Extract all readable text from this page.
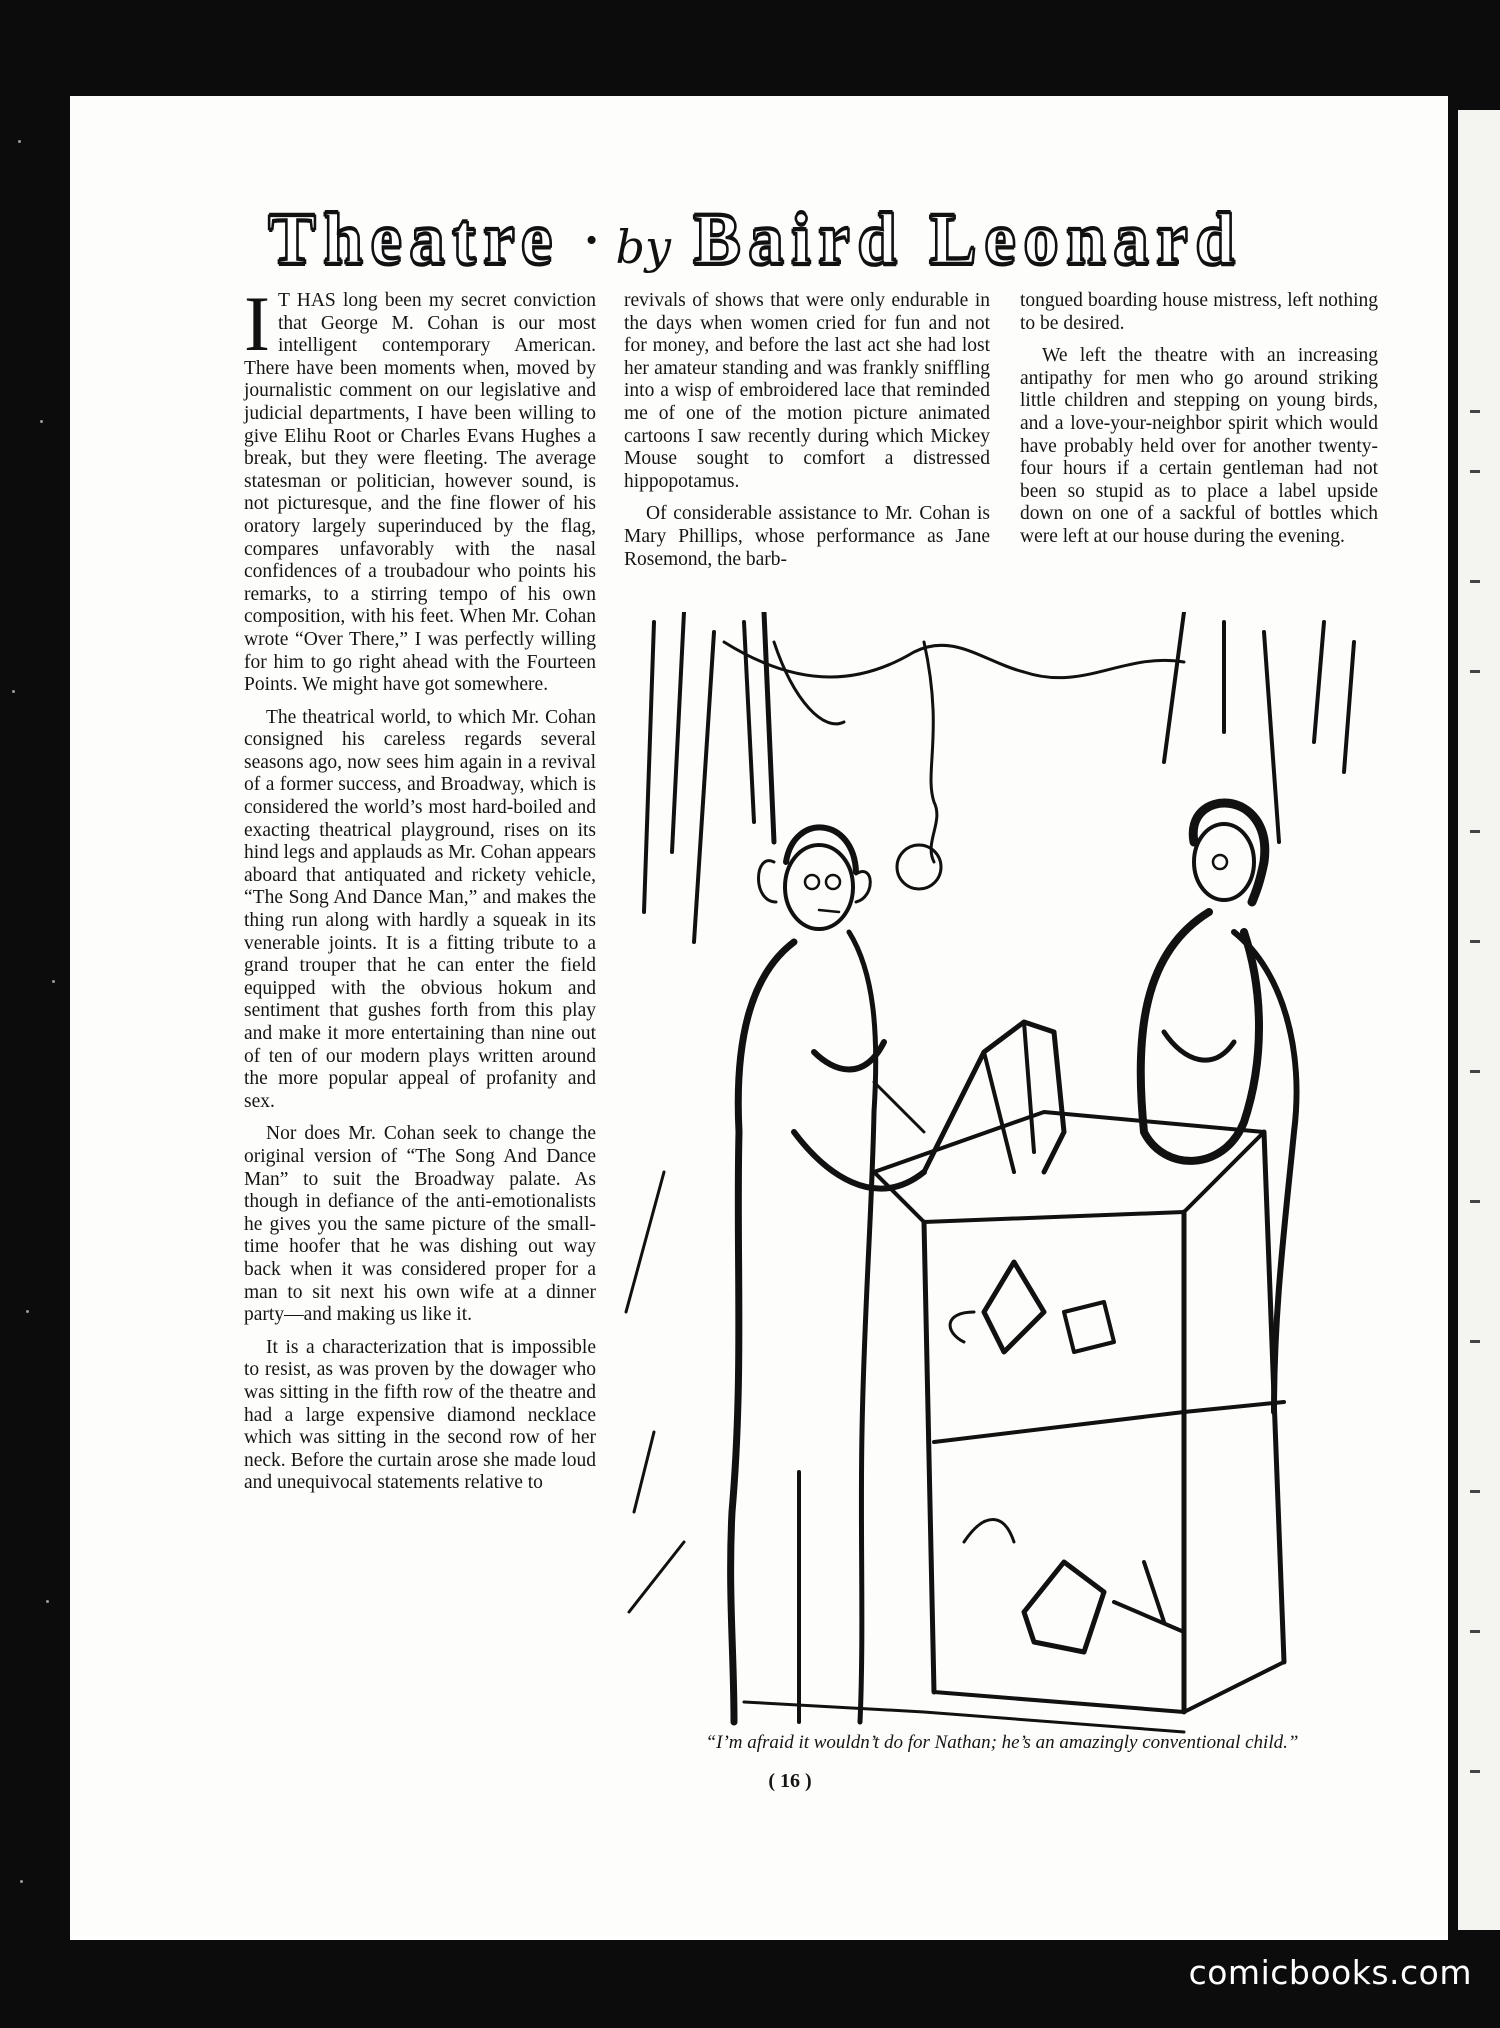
Theatre • by Baird Leonard

I T HAS long been my secret conviction that George M. Cohan is our most intelligent contemporary American. There have been moments when, moved by journalistic comment on our legislative and judicial departments, I have been willing to give Elihu Root or Charles Evans Hughes a break, but they were fleeting. The average statesman or politician, however sound, is not picturesque, and the fine flower of his oratory largely superinduced by the flag, compares unfavorably with the nasal confidences of a troubadour who points his remarks, to a stirring tempo of his own composition, with his feet. When Mr. Cohan wrote “Over There,” I was perfectly willing for him to go right ahead with the Fourteen Points. We might have got somewhere.

The theatrical world, to which Mr. Cohan consigned his careless regards several seasons ago, now sees him again in a revival of a former success, and Broadway, which is considered the world’s most hard-boiled and exacting theatrical playground, rises on its hind legs and applauds as Mr. Cohan appears aboard that antiquated and rickety vehicle, “The Song And Dance Man,” and makes the thing run along with hardly a squeak in its venerable joints. It is a fitting tribute to a grand trouper that he can enter the field equipped with the obvious hokum and sentiment that gushes forth from this play and make it more entertaining than nine out of ten of our modern plays written around the more popular appeal of profanity and sex.

Nor does Mr. Cohan seek to change the original version of “The Song And Dance Man” to suit the Broadway palate. As though in defiance of the anti-emotionalists he gives you the same picture of the small-time hoofer that he was dishing out way back when it was considered proper for a man to sit next his own wife at a dinner party—and making us like it.

It is a characterization that is impossible to resist, as was proven by the dowager who was sitting in the fifth row of the theatre and had a large expensive diamond necklace which was sitting in the second row of her neck. Before the curtain arose she made loud and unequivocal statements relative to

revivals of shows that were only endurable in the days when women cried for fun and not for money, and before the last act she had lost her amateur standing and was frankly sniffling into a wisp of embroidered lace that reminded me of one of the motion picture animated cartoons I saw recently during which Mickey Mouse sought to comfort a distressed hippopotamus.

Of considerable assistance to Mr. Cohan is Mary Phillips, whose performance as Jane Rosemond, the barb-

tongued boarding house mistress, left nothing to be desired.

We left the theatre with an increasing antipathy for men who go around striking little children and stepping on young birds, and a love-your-neighbor spirit which would have probably held over for another twenty-four hours if a certain gentleman had not been so stupid as to place a label upside down on one of a sackful of bottles which were left at our house during the evening.

“I’m afraid it wouldn’t do for Nathan; he’s an amazingly conventional child.”
( 16 )
comicbooks.com
